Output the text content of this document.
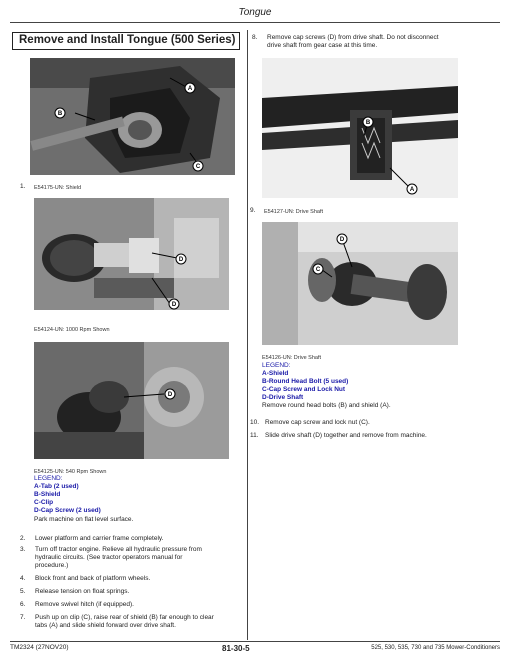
Tongue
Remove and Install Tongue (500 Series)
A
B
C
1. E54175-UN: Shield
D
D
E54124-UN: 1000 Rpm Shown
D
E54125-UN: 540 Rpm Shown
LEGEND:
A-Tab (2 used)
B-Shield
C-Clip
D-Cap Screw (2 used)
Park machine on flat level surface.
2.	Lower platform and carrier frame completely.
3.	Turn off tractor engine. Relieve all hydraulic pressure from
hydraulic circuits. (See tractor operators manual for
procedure.)
4.	Block front and back of platform wheels.
5.	Release tension on float springs.
6.	Remove swivel hitch (if equipped).
7.	Push up on clip (C), raise rear of shield (B) far enough to clear
tabs (A) and slide shield forward over drive shaft.
8.	Remove cap screws (D) from drive shaft. Do not disconnect
drive shaft from gear case at this time.
B
A
9. E54127-UN: Drive Shaft
D
C
E54126-UN: Drive Shaft
LEGEND:
A-Shield
B-Round Head Bolt (5 used)
C-Cap Screw and Lock Nut
D-Drive Shaft
Remove round head bolts (B) and shield (A).
10. Remove cap screw and lock nut (C).
11. Slide drive shaft (D) together and remove from machine.
TM2324 (27NOV20)	81-30-5	525, 530, 535, 730 and 735 Mower-Conditioners
